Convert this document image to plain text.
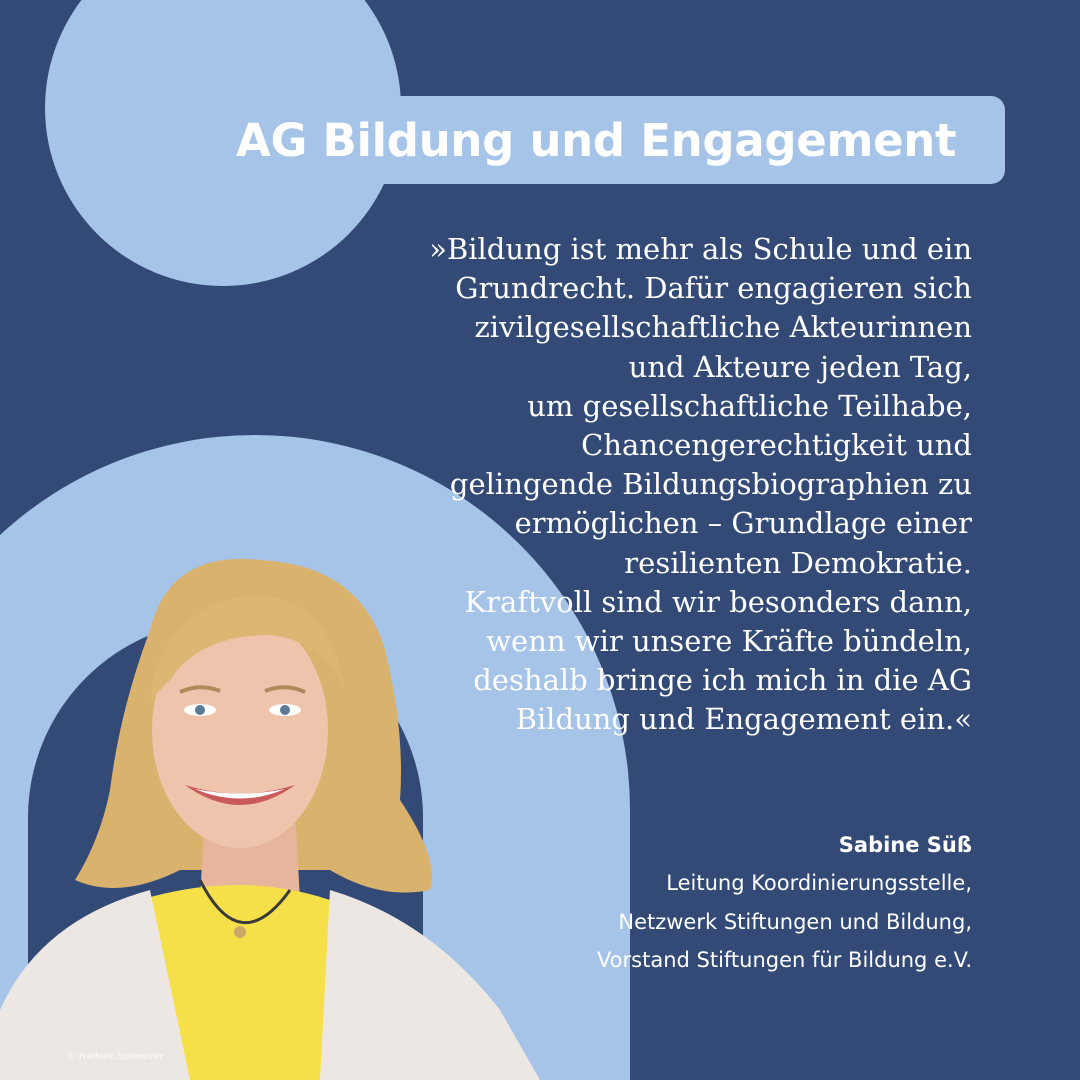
AG Bildung und Engagement

»Bildung ist mehr als Schule und ein
Grundrecht. Dafür engagieren sich
zivilgesellschaftliche Akteurinnen
und Akteure jeden Tag,
um gesellschaftliche Teilhabe,
Chancengerechtigkeit und
gelingende Bildungsbiographien zu
ermöglichen – Grundlage einer
resilienten Demokratie.
Kraftvoll sind wir besonders dann,
wenn wir unsere Kräfte bündeln,
deshalb bringe ich mich in die AG
Bildung und Engagement ein.«

Sabine Süß
Leitung Koordinierungsstelle,
Netzwerk Stiftungen und Bildung,
Vorstand Stiftungen für Bildung e.V.
© Frederic Schweizer
